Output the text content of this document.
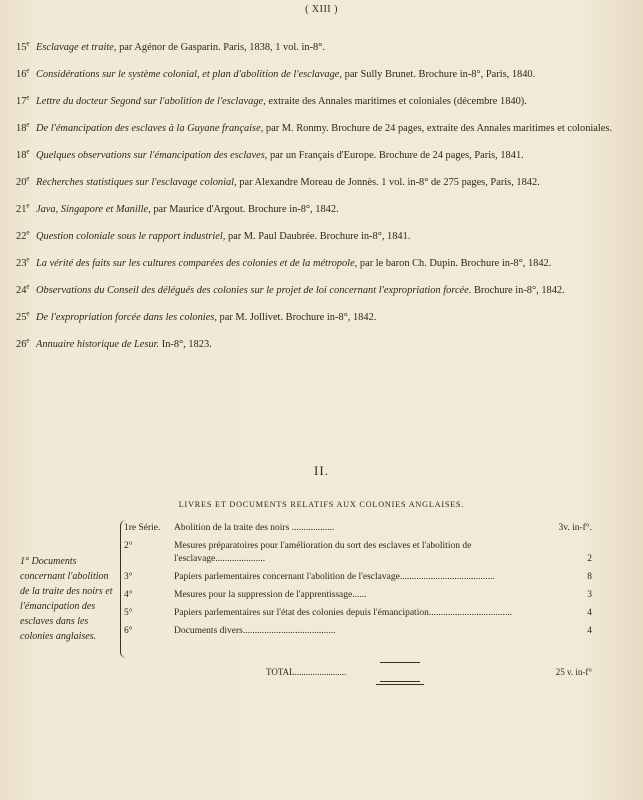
( XIII )
15e Esclavage et traite, par Agénor de Gasparin. Paris, 1838, 1 vol. in-8°.
16e Considérations sur le système colonial, et plan d'abolition de l'esclavage, par Sully Brunet. Brochure in-8°, Paris, 1840.
17e Lettre du docteur Segond sur l'abolition de l'esclavage, extraite des Annales maritimes et coloniales (décembre 1840).
18e De l'émancipation des esclaves à la Guyane française, par M. Ronmy. Brochure de 24 pages, extraite des Annales maritimes et coloniales.
18e Quelques observations sur l'émancipation des esclaves, par un Français d'Europe. Brochure de 24 pages, Paris, 1841.
20e Recherches statistiques sur l'esclavage colonial, par Alexandre Moreau de Jonnès. 1 vol. in-8° de 275 pages, Paris, 1842.
21e Java, Singapore et Manille, par Maurice d'Argout. Brochure in-8°, 1842.
22e Question coloniale sous le rapport industriel, par M. Paul Daubrée. Brochure in-8°, 1841.
23e La vérité des faits sur les cultures comparées des colonies et de la métropole, par le baron Ch. Dupin. Brochure in-8°, 1842.
24e Observations du Conseil des délégués des colonies sur le projet de loi concernant l'expropriation forcée. Brochure in-8°, 1842.
25e De l'expropriation forcée dans les colonies, par M. Jollivet. Brochure in-8°, 1842.
26e Annuaire historique de Lesur. In-8°, 1823.
II.
LIVRES ET DOCUMENTS RELATIFS AUX COLONIES ANGLAISES.
1° Documents concernant l'abolition de la traite des noirs et l'émancipation des esclaves dans les colonies anglaises.
1re Série. Abolition de la traite des noirs ..................	3v. in-f°.
2°	Mesures préparatoires pour l'amélioration du sort des esclaves et l'abolition de l'esclavage.....................	2
3°	Papiers parlementaires concernant l'abolition de l'esclavage........................................	8
4°	Mesures pour la suppression de l'apprentissage......	3
5°	Papiers parlementaires sur l'état des colonies depuis l'émancipation...................................	4
6°	Documents divers.......................................	4
TOTAL.......................	25 v. in-f°
